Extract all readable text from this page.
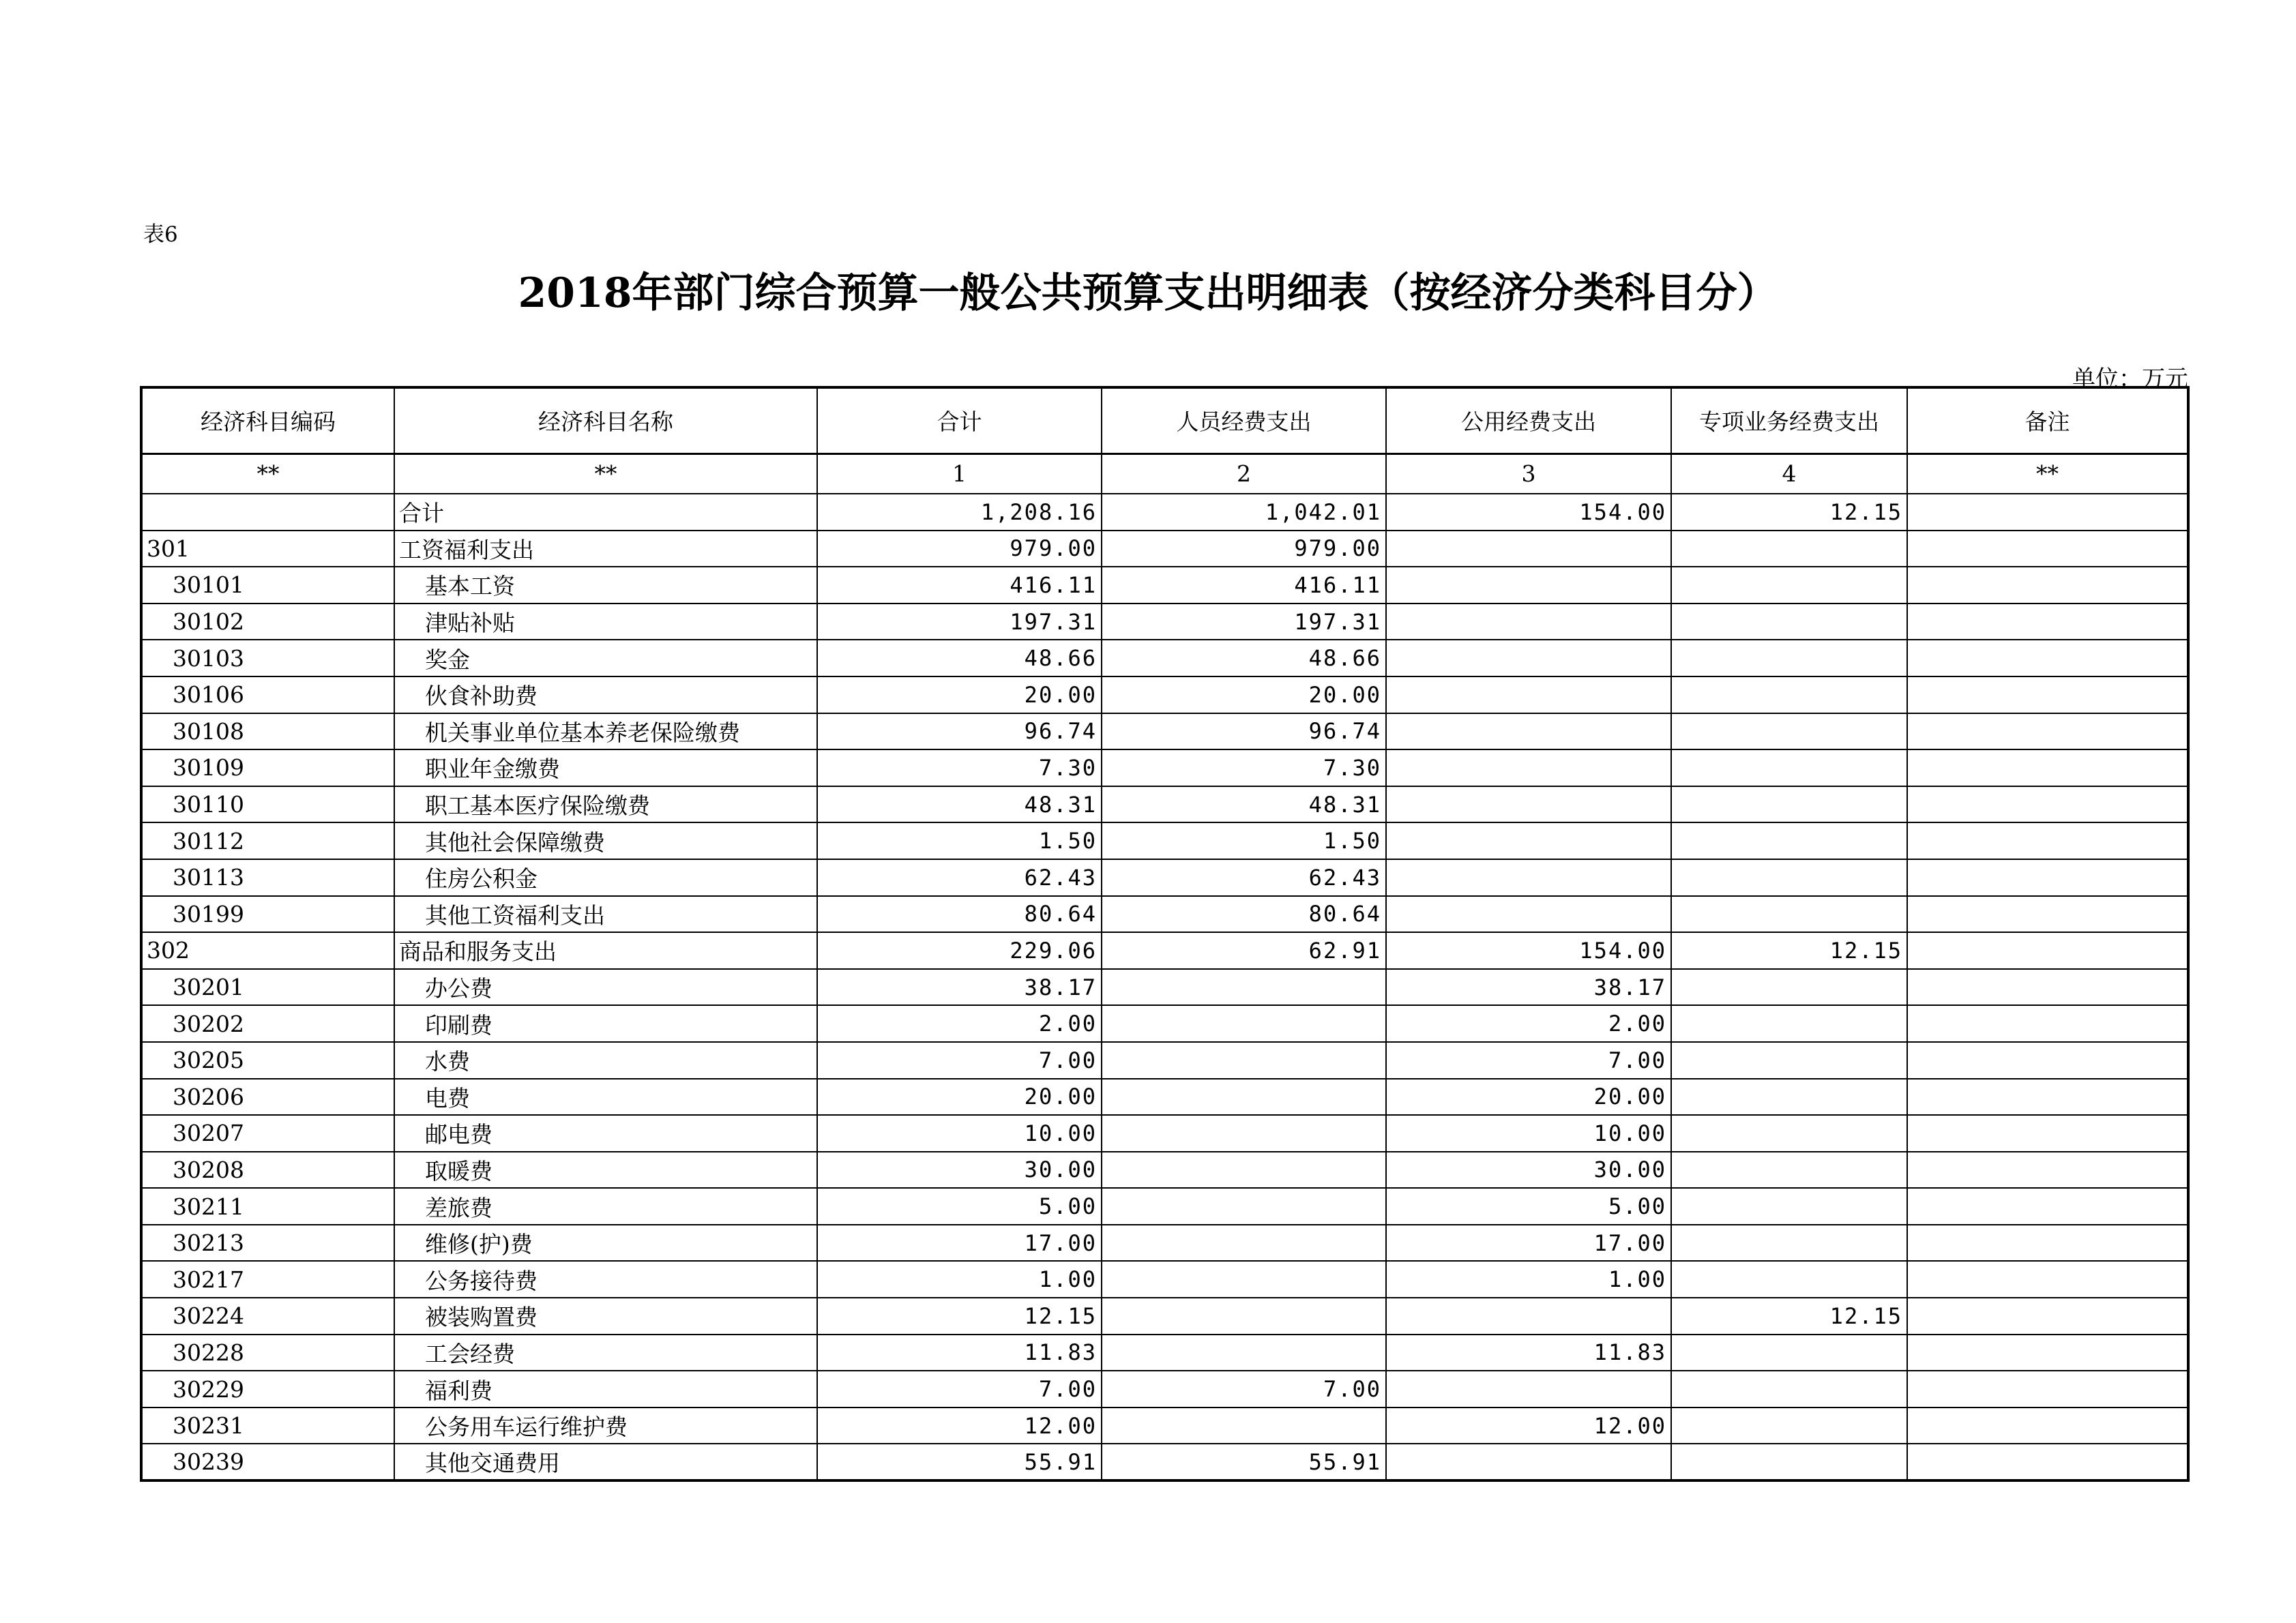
表6
2018年部门综合预算一般公共预算支出明细表（按经济分类科目分）
单位：万元
经济科目编码	经济科目名称	合计	人员经费支出	公用经费支出	专项业务经费支出	备注
**	**	1	2	3	4	**
	合计	1,208.16	1,042.01	154.00	12.15	
301	工资福利支出	979.00	979.00			
30101	基本工资	416.11	416.11			
30102	津贴补贴	197.31	197.31			
30103	奖金	48.66	48.66			
30106	伙食补助费	20.00	20.00			
30108	机关事业单位基本养老保险缴费	96.74	96.74			
30109	职业年金缴费	7.30	7.30			
30110	职工基本医疗保险缴费	48.31	48.31			
30112	其他社会保障缴费	1.50	1.50			
30113	住房公积金	62.43	62.43			
30199	其他工资福利支出	80.64	80.64			
302	商品和服务支出	229.06	62.91	154.00	12.15	
30201	办公费	38.17		38.17		
30202	印刷费	2.00		2.00		
30205	水费	7.00		7.00		
30206	电费	20.00		20.00		
30207	邮电费	10.00		10.00		
30208	取暖费	30.00		30.00		
30211	差旅费	5.00		5.00		
30213	维修(护)费	17.00		17.00		
30217	公务接待费	1.00		1.00		
30224	被装购置费	12.15			12.15	
30228	工会经费	11.83		11.83		
30229	福利费	7.00	7.00			
30231	公务用车运行维护费	12.00		12.00		
30239	其他交通费用	55.91	55.91			
